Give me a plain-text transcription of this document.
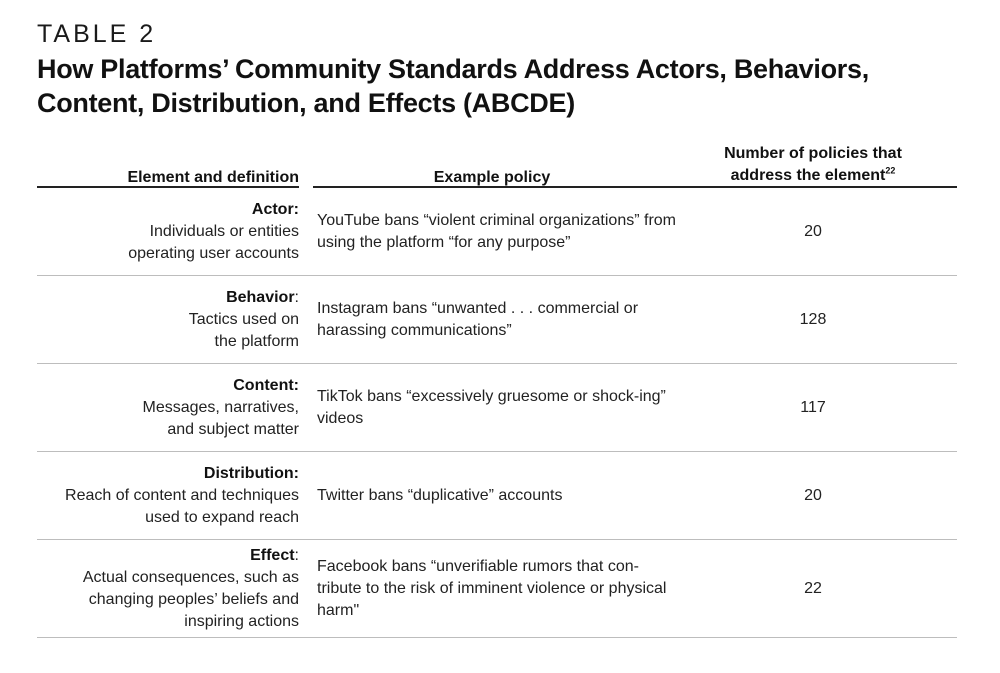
TABLE 2
How Platforms’ Community Standards Address Actors, Behaviors, Content, Distribution, and Effects (ABCDE)
Element and definition	Example policy
Number of policies that
address the element$^{22}$
Actor:
Individuals or entities
operating user accounts
YouTube bans “violent criminal organizations” from using the platform “for any purpose”
20
Behavior:
Tactics used on
the platform
Instagram bans “unwanted . . . commercial or harassing communications”
128
Content:
Messages, narratives,
and subject matter
TikTok bans “excessively gruesome or shock-ing” videos
117
Distribution:
Reach of content and techniques
used to expand reach
Twitter bans “duplicative” accounts	20
Effect:
Actual consequences, such as
changing peoples’ beliefs and
inspiring actions
Facebook bans “unverifiable rumors that con-tribute to the risk of imminent violence or physical harm"
22
